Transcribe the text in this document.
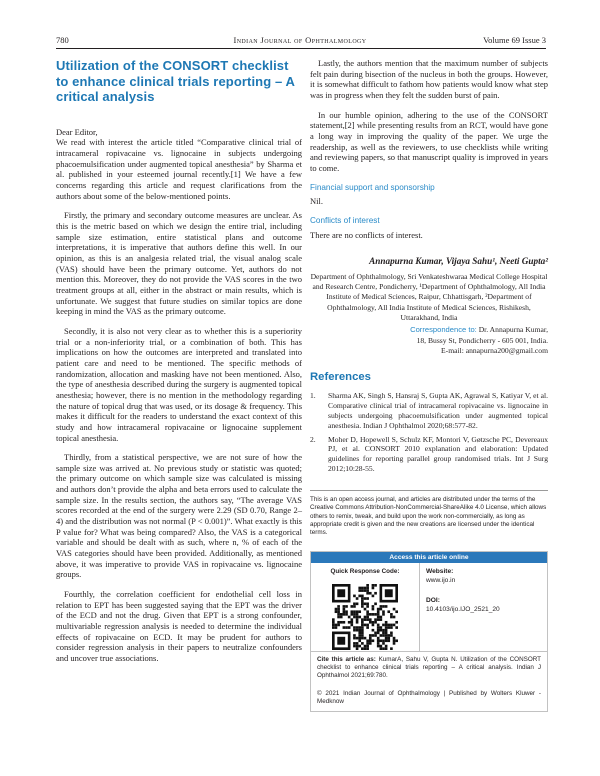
780	Indian Journal of Ophthalmology	Volume 69 Issue 3
Utilization of the CONSORT checklist to enhance clinical trials reporting – A critical analysis

Dear Editor,

We read with interest the article titled “Comparative clinical trial of intracameral ropivacaine vs. lignocaine in subjects undergoing phacoemulsification under augmented topical anesthesia” by Sharma et al. published in your esteemed journal recently.[1] We have a few concerns regarding this article and request clarifications from the authors about some of the below-mentioned points.

Firstly, the primary and secondary outcome measures are unclear. As this is the metric based on which we design the entire trial, including sample size estimation, entire statistical plans and outcome interpretations, it is imperative that authors define this well. In our opinion, as this is an analgesia related trial, the visual analog scale (VAS) should have been the primary outcome. Yet, authors do not mention this. Moreover, they do not provide the VAS scores in the two treatment groups at all, either in the abstract or main results, which is unfortunate. We suggest that future studies on similar topics are done keeping in mind the VAS as the primary outcome.

Secondly, it is also not very clear as to whether this is a superiority trial or a non-inferiority trial, or a combination of both. This has implications on how the outcomes are interpreted and translated into patient care and need to be mentioned. The specific methods of randomization, allocation and masking have not been mentioned. Also, the type of anesthesia described during the surgery is augmented topical anesthesia; however, there is no mention in the methodology regarding the nature of topical drug that was used, or its dosage & frequency. This makes it difficult for the readers to understand the exact context of this study and how intracameral ropivacaine or lignocaine supplement topical anesthesia.

Thirdly, from a statistical perspective, we are not sure of how the sample size was arrived at. No previous study or statistic was quoted; the primary outcome on which sample size was calculated is missing and authors don’t provide the alpha and beta errors used to calculate the sample size. In the results section, the authors say, “The average VAS scores recorded at the end of the surgery were 2.29 (SD 0.70, Range 2–4) and the distribution was not normal (P < 0.001)”. What exactly is this P value for? What was being compared? Also, the VAS is a categorical variable and should be dealt with as such, where n, % of each of the VAS categories should have been provided. Additionally, as mentioned above, it was imperative to provide VAS in ropivacaine vs. lignocaine groups.

Fourthly, the correlation coefficient for endothelial cell loss in relation to EPT has been suggested saying that the EPT was the driver of the ECD and not the drug. Given that EPT is a strong confounder, multivariable regression analysis is needed to determine the individual effects of ropivacaine on ECD. It may be prudent for authors to consider regression analysis in their papers to neutralize confounders and uncover true associations.

Lastly, the authors mention that the maximum number of subjects felt pain during bisection of the nucleus in both the groups. However, it is somewhat difficult to fathom how patients would know what step was in progress when they felt the sudden burst of pain.

In our humble opinion, adhering to the use of the CONSORT statement,[2] while presenting results from an RCT, would have gone a long way in improving the quality of the paper. We urge the readership, as well as the reviewers, to use checklists while writing and reviewing papers, so that manuscript quality is improved in years to come.

Financial support and sponsorship

Nil.

Conflicts of interest

There are no conflicts of interest.

Annapurna Kumar, Vijaya Sahu¹, Neeti Gupta²

Department of Ophthalmology, Sri Venkateshwaraa Medical College Hospital and Research Centre, Pondicherry, ¹Department of Ophthalmology, All India Institute of Medical Sciences, Raipur, Chhattisgarh, ²Department of Ophthalmology, All India Institute of Medical Sciences, Rishikesh, Uttarakhand, India

Correspondence to: Dr. Annapurna Kumar,
18, Bussy St, Pondicherry - 605 001, India.
E-mail: annapurna200@gmail.com

References
1. Sharma AK, Singh S, Hansraj S, Gupta AK, Agrawal S, Katiyar V, et al. Comparative clinical trial of intracameral ropivacaine vs. lignocaine in subjects undergoing phacoemulsification under augmented topical anesthesia. Indian J Ophthalmol 2020;68:577-82.
2. Moher D, Hopewell S, Schulz KF, Montori V, Gøtzsche PC, Devereaux PJ, et al. CONSORT 2010 explanation and elaboration: Updated guidelines for reporting parallel group randomised trials. Int J Surg 2012;10:28-55.

This is an open access journal, and articles are distributed under the terms of the Creative Commons Attribution-NonCommercial-ShareAlike 4.0 License, which allows others to remix, tweak, and build upon the work non-commercially, as long as appropriate credit is given and the new creations are licensed under the identical terms.

Access this article online
Quick Response Code:	Website:
www.ijo.in
DOI:
10.4103/ijo.IJO_2521_20

Cite this article as: KumarA, Sahu V, Gupta N. Utilization of the CONSORT checklist to enhance clinical trials reporting – A critical analysis. Indian J Ophthalmol 2021;69:780.

© 2021 Indian Journal of Ophthalmology | Published by Wolters Kluwer - Medknow
